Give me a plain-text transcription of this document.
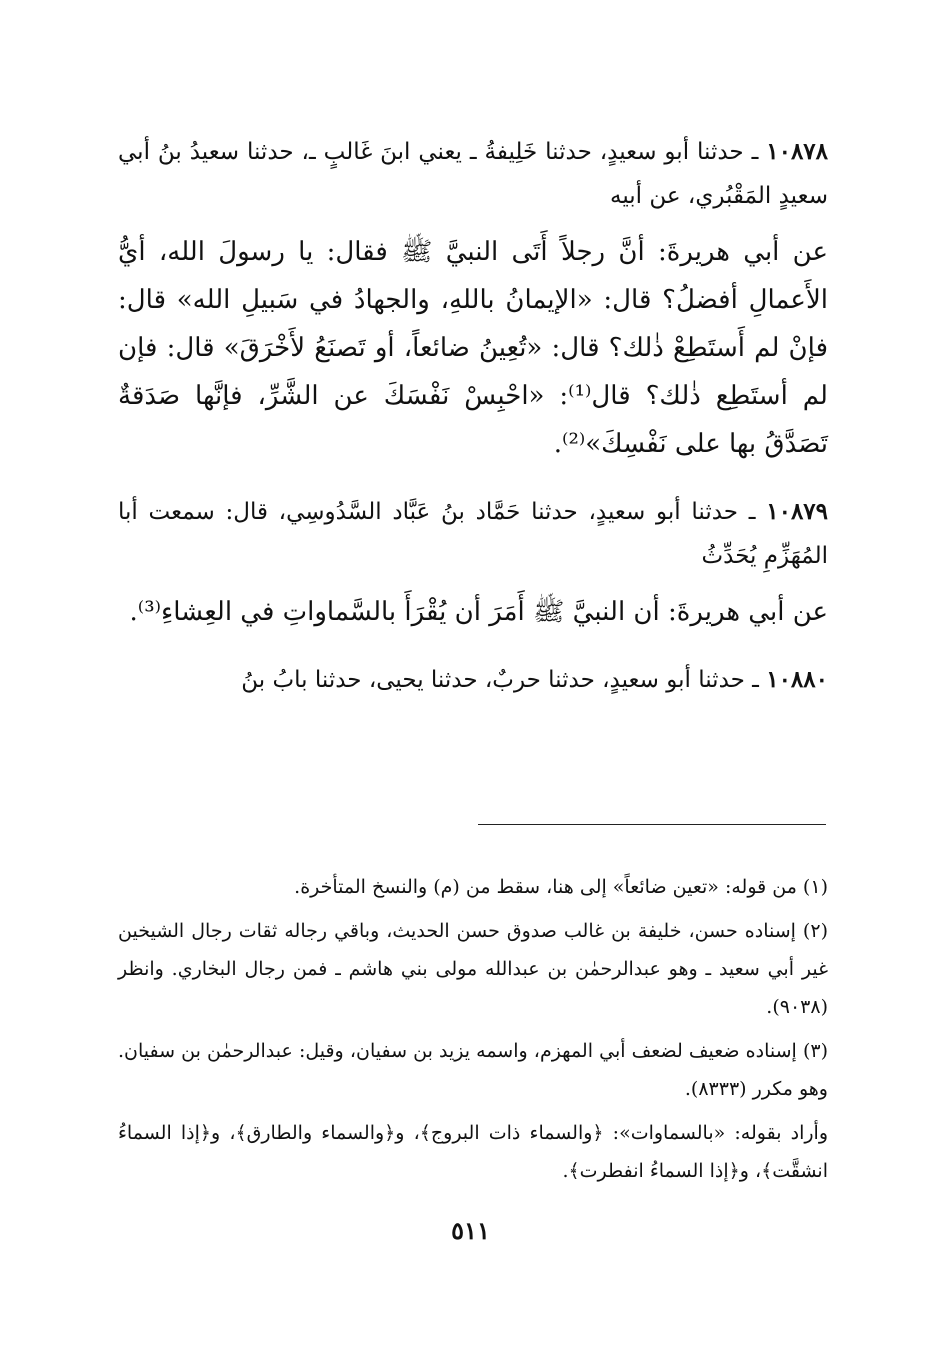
١٠٨٧٨ ـ حدثنا أبو سعيدٍ، حدثنا خَلِيفةُ ـ يعني ابنَ غَالبٍ ـ، حدثنا سعيدُ بنُ أبي سعيدٍ المَقْبُري، عن أبيه

عن أبي هريرةَ: أنَّ رجلاً أَتَى النبيَّ ﷺ فقال: يا رسولَ الله، أيُّ الأَعمالِ أفضلُ؟ قال: «الإيمانُ باللهِ، والجهادُ في سَبيلِ الله» قال: فإنْ لم أَستَطِعْ ذٰلك؟ قال: «تُعِينُ ضائعاً، أو تَصنَعُ لأَخْرَقَ» قال: فإن لم أستَطِع ذٰلك؟ قال⁽¹⁾: «احْبِسْ نَفْسَكَ عن الشَّرِّ، فإنَّها صَدَقةٌ تَصَدَّقُ بها على نَفْسِكَ»⁽²⁾.

١٠٨٧٩ ـ حدثنا أبو سعيدٍ، حدثنا حَمَّاد بنُ عَبَّاد السَّدُوسِي، قال: سمعت أبا المُهَزِّمِ يُحَدِّثُ

عن أبي هريرةَ: أن النبيَّ ﷺ أَمَرَ أن يُقْرَأَ بالسَّماواتِ في العِشاءِ⁽³⁾.

١٠٨٨٠ ـ حدثنا أبو سعيدٍ، حدثنا حربٌ، حدثنا يحيى، حدثنا بابُ بنُ

(١) من قوله: «تعين ضائعاً» إلى هنا، سقط من (م) والنسخ المتأخرة.

(٢) إسناده حسن، خليفة بن غالب صدوق حسن الحديث، وباقي رجاله ثقات رجال الشيخين غير أبي سعيد ـ وهو عبدالرحمٰن بن عبدالله مولى بني هاشم ـ فمن رجال البخاري. وانظر (٩٠٣٨).

(٣) إسناده ضعيف لضعف أبي المهزم، واسمه يزيد بن سفيان، وقيل: عبدالرحمٰن بن سفيان. وهو مكرر (٨٣٣٣).

وأراد بقوله: «بالسماوات»: ﴿والسماء ذات البروج﴾، و﴿والسماء والطارق﴾، و﴿إذا السماءُ انشقَّت﴾، و﴿إذا السماءُ انفطرت﴾.

٥١١
